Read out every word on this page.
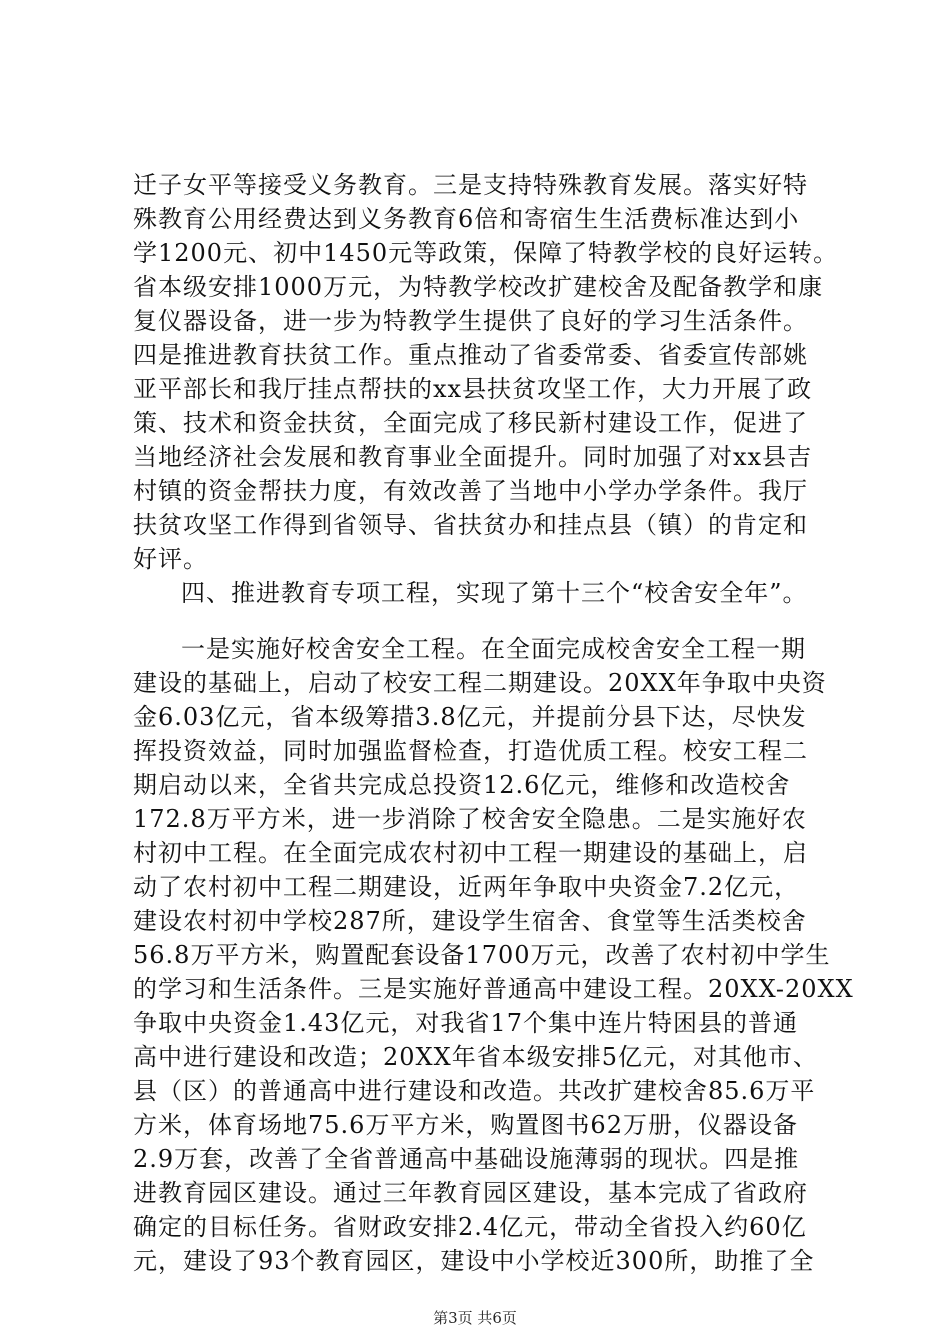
迁子女平等接受义务教育。三是支持特殊教育发展。落实好特
殊教育公用经费达到义务教育6倍和寄宿生生活费标准达到小
学1200元、初中1450元等政策，保障了特教学校的良好运转。
省本级安排1000万元，为特教学校改扩建校舍及配备教学和康
复仪器设备，进一步为特教学生提供了良好的学习生活条件。
四是推进教育扶贫工作。重点推动了省委常委、省委宣传部姚
亚平部长和我厅挂点帮扶的xx县扶贫攻坚工作，大力开展了政
策、技术和资金扶贫，全面完成了移民新村建设工作，促进了
当地经济社会发展和教育事业全面提升。同时加强了对xx县吉
村镇的资金帮扶力度，有效改善了当地中小学办学条件。我厅
扶贫攻坚工作得到省领导、省扶贫办和挂点县（镇）的肯定和
好评。
四、推进教育专项工程，实现了第十三个“校舍安全年”。
一是实施好校舍安全工程。在全面完成校舍安全工程一期
建设的基础上，启动了校安工程二期建设。20XX年争取中央资
金6.03亿元，省本级筹措3.8亿元，并提前分县下达，尽快发
挥投资效益，同时加强监督检查，打造优质工程。校安工程二
期启动以来，全省共完成总投资12.6亿元，维修和改造校舍
172.8万平方米，进一步消除了校舍安全隐患。二是实施好农
村初中工程。在全面完成农村初中工程一期建设的基础上，启
动了农村初中工程二期建设，近两年争取中央资金7.2亿元，
建设农村初中学校287所，建设学生宿舍、食堂等生活类校舍
56.8万平方米，购置配套设备1700万元，改善了农村初中学生
的学习和生活条件。三是实施好普通高中建设工程。20XX-20XX
争取中央资金1.43亿元，对我省17个集中连片特困县的普通
高中进行建设和改造；20XX年省本级安排5亿元，对其他市、
县（区）的普通高中进行建设和改造。共改扩建校舍85.6万平
方米，体育场地75.6万平方米，购置图书62万册，仪器设备
2.9万套，改善了全省普通高中基础设施薄弱的现状。四是推
进教育园区建设。通过三年教育园区建设，基本完成了省政府
确定的目标任务。省财政安排2.4亿元，带动全省投入约60亿
元，建设了93个教育园区，建设中小学校近300所，助推了全
第3页 共6页
